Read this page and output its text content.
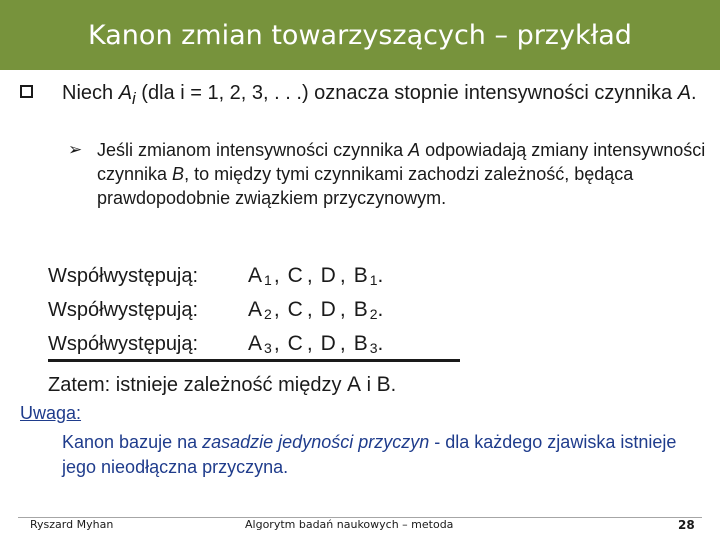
Kanon zmian towarzyszących – przykład
Niech $A_i$ (dla i = 1, 2, 3, . . .) oznacza stopnie intensywności czynnika A.
➢ Jeśli zmianom intensywności czynnika A odpowiadają zmiany intensywności czynnika B, to między tymi czynnikami zachodzi zależność, będąca prawdopodobnie związkiem przyczynowym.
Współwystępują: $A_1$, C, D, $B_1$.
Współwystępują: $A_2$, C, D, $B_2$.
Współwystępują: $A_3$, C, D, $B_3$.
Zatem: istnieje zależność między A i B.
Uwaga:
Kanon bazuje na zasadzie jedyności przyczyn - dla każdego zjawiska istnieje jego nieodłączna przyczyna.
Ryszard Myhan	Algorytm badań naukowych – metoda	28
